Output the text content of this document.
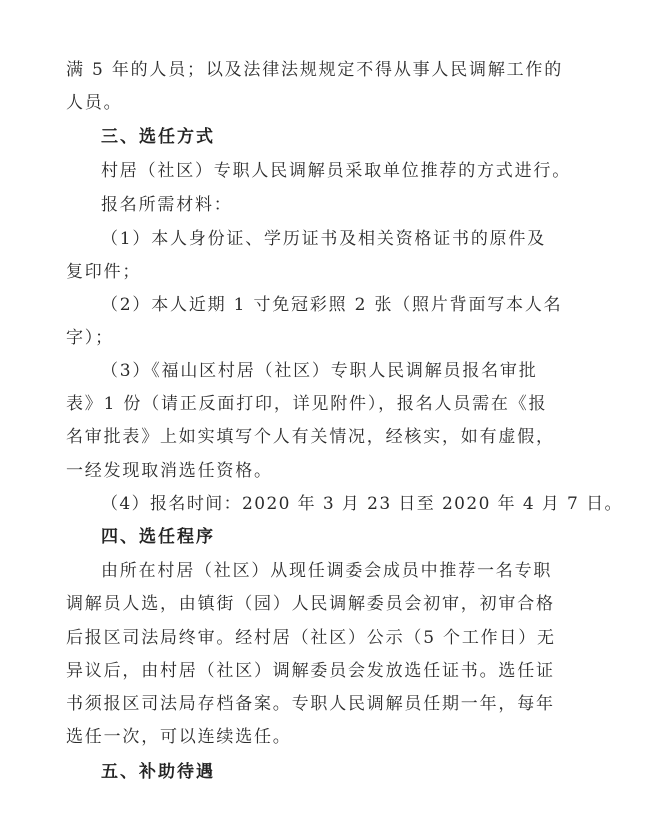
满 5 年的人员；以及法律法规规定不得从事人民调解工作的
人员。
三、选任方式
村居（社区）专职人民调解员采取单位推荐的方式进行。
报名所需材料：
（1）本人身份证、学历证书及相关资格证书的原件及
复印件；
（2）本人近期 1 寸免冠彩照 2 张（照片背面写本人名
字）；
（3）《福山区村居（社区）专职人民调解员报名审批
表》1 份（请正反面打印，详见附件），报名人员需在《报
名审批表》上如实填写个人有关情况，经核实，如有虚假，
一经发现取消选任资格。
（4）报名时间：2020 年 3 月 23 日至 2020 年 4 月 7 日。
四、选任程序
由所在村居（社区）从现任调委会成员中推荐一名专职
调解员人选，由镇街（园）人民调解委员会初审，初审合格
后报区司法局终审。经村居（社区）公示（5 个工作日）无
异议后，由村居（社区）调解委员会发放选任证书。选任证
书须报区司法局存档备案。专职人民调解员任期一年，每年
选任一次，可以连续选任。
五、补助待遇
